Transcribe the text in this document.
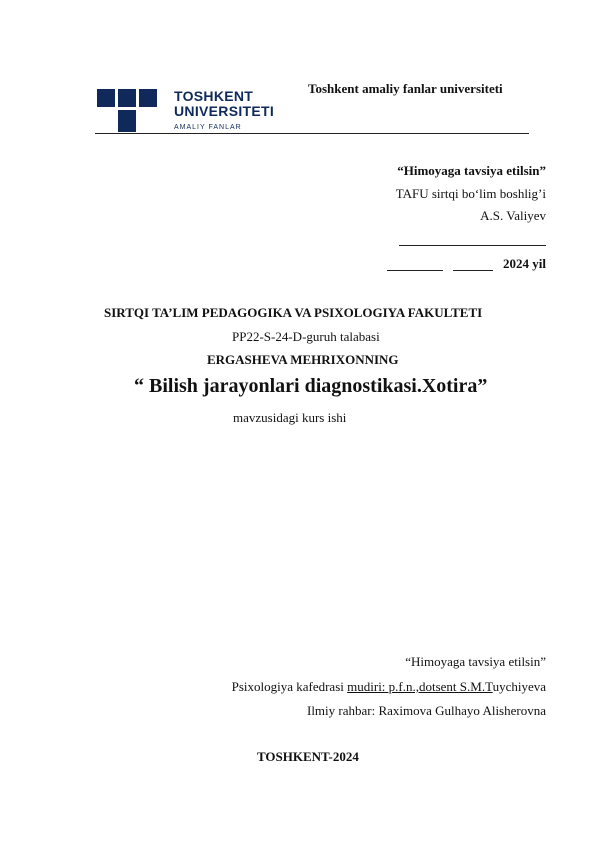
TOSHKENT
UNIVERSITETI
AMALIY FANLAR
Toshkent amaliy fanlar universiteti
“Himoyaga tavsiya etilsin”
TAFU sirtqi bo‘lim boshlig’i
A.S. Valiyev
2024 yil
SIRTQI TA’LIM PEDAGOGIKA VA PSIXOLOGIYA FAKULTETI
PP22-S-24-D-guruh talabasi
ERGASHEVA MEHRIXONNING
“ Bilish jarayonlari diagnostikasi.Xotira”
mavzusidagi kurs ishi
“Himoyaga tavsiya etilsin”
Psixologiya kafedrasi mudiri: p.f.n.,dotsent S.M.Tuychiyeva
Ilmiy rahbar: Raximova Gulhayo Alisherovna
TOSHKENT-2024
